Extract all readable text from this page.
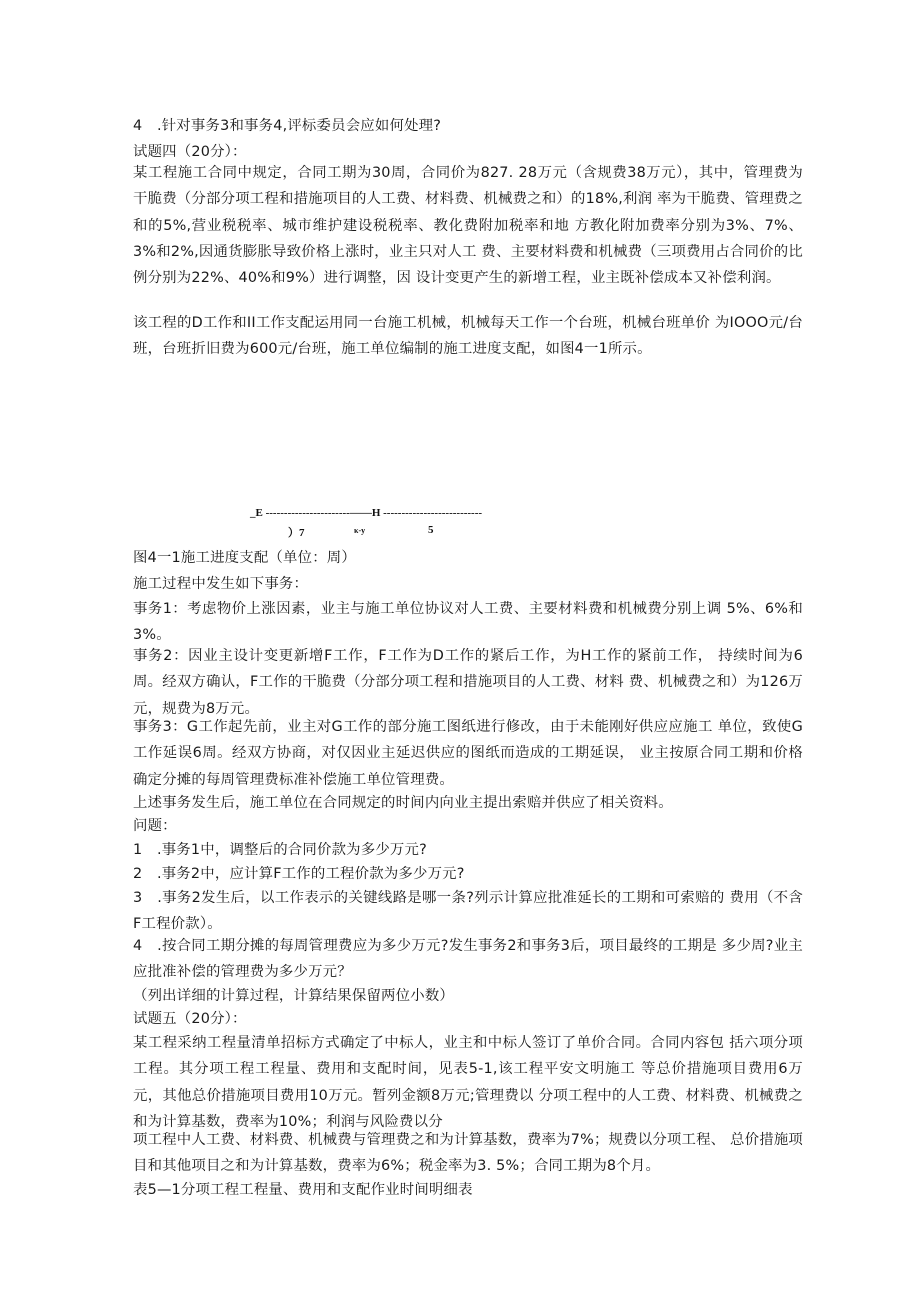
4　.针对事务3和事务4,评标委员会应如何处理?
试题四（20分）：
某工程施工合同中规定，合同工期为30周，合同价为827. 28万元（含规费38万元），其中，管理费为干脆费（分部分项工程和措施项目的人工费、材料费、机械费之和）的18%,利润 率为干脆费、管理费之和的5%,营业税税率、城市维护建设税税率、教化费附加税率和地 方教化附加费率分别为3%、7%、3%和2%,因通货膨胀导致价格上涨时，业主只对人工 费、主要材料费和机械费（三项费用占合同价的比例分别为22%、40%和9%）进行调整，因 设计变更产生的新增工程，业主既补偿成本又补偿利润。
该工程的D工作和II工作支配运用同一台施工机械，机械每天工作一个台班，机械台班单价 为IOOO元/台班，台班折旧费为600元/台班，施工单位编制的施工进度支配，如图4一1所示。
_E -----------------------——H ---------------------------
）7	κ-y	5
图4一1施工进度支配（单位：周）
施工过程中发生如下事务：
事务1：考虑物价上涨因素，业主与施工单位协议对人工费、主要材料费和机械费分别上调 5%、6%和 3%。
事务2：因业主设计变更新增F工作，F工作为D工作的紧后工作，为H工作的紧前工作， 持续时间为6周。经双方确认，F工作的干脆费（分部分项工程和措施项目的人工费、材料 费、机械费之和）为126万元，规费为8万元。
事务3：G工作起先前，业主对G工作的部分施工图纸进行修改，由于未能刚好供应应施工 单位，致使G工作延误6周。经双方协商，对仅因业主延迟供应的图纸而造成的工期延误， 业主按原合同工期和价格确定分摊的每周管理费标准补偿施工单位管理费。
上述事务发生后，施工单位在合同规定的时间内向业主提出索赔并供应了相关资料。
问题：
1　.事务1中，调整后的合同价款为多少万元?
2　.事务2中，应计算F工作的工程价款为多少万元?
3　.事务2发生后，以工作表示的关键线路是哪一条?列示计算应批准延长的工期和可索赔的 费用（不含F工程价款）。
4　.按合同工期分摊的每周管理费应为多少万元?发生事务2和事务3后，项目最终的工期是 多少周?业主应批准补偿的管理费为多少万元？
（列出详细的计算过程，计算结果保留两位小数）
试题五（20分）：
某工程采纳工程量清单招标方式确定了中标人，业主和中标人签订了单价合同。合同内容包 括六项分项工程。其分项工程工程量、费用和支配时间，见表5-1,该工程平安文明施工 等总价措施项目费用6万元，其他总价措施项目费用10万元。暂列金额8万元;管理费以 分项工程中的人工费、材料费、机械费之和为计算基数，费率为10%；利润与风险费以分
项工程中人工费、材料费、机械费与管理费之和为计算基数，费率为7%；规费以分项工程、 总价措施项目和其他项目之和为计算基数，费率为6%；税金率为3. 5%；合同工期为8个月。
表5—1分项工程工程量、费用和支配作业时间明细表
